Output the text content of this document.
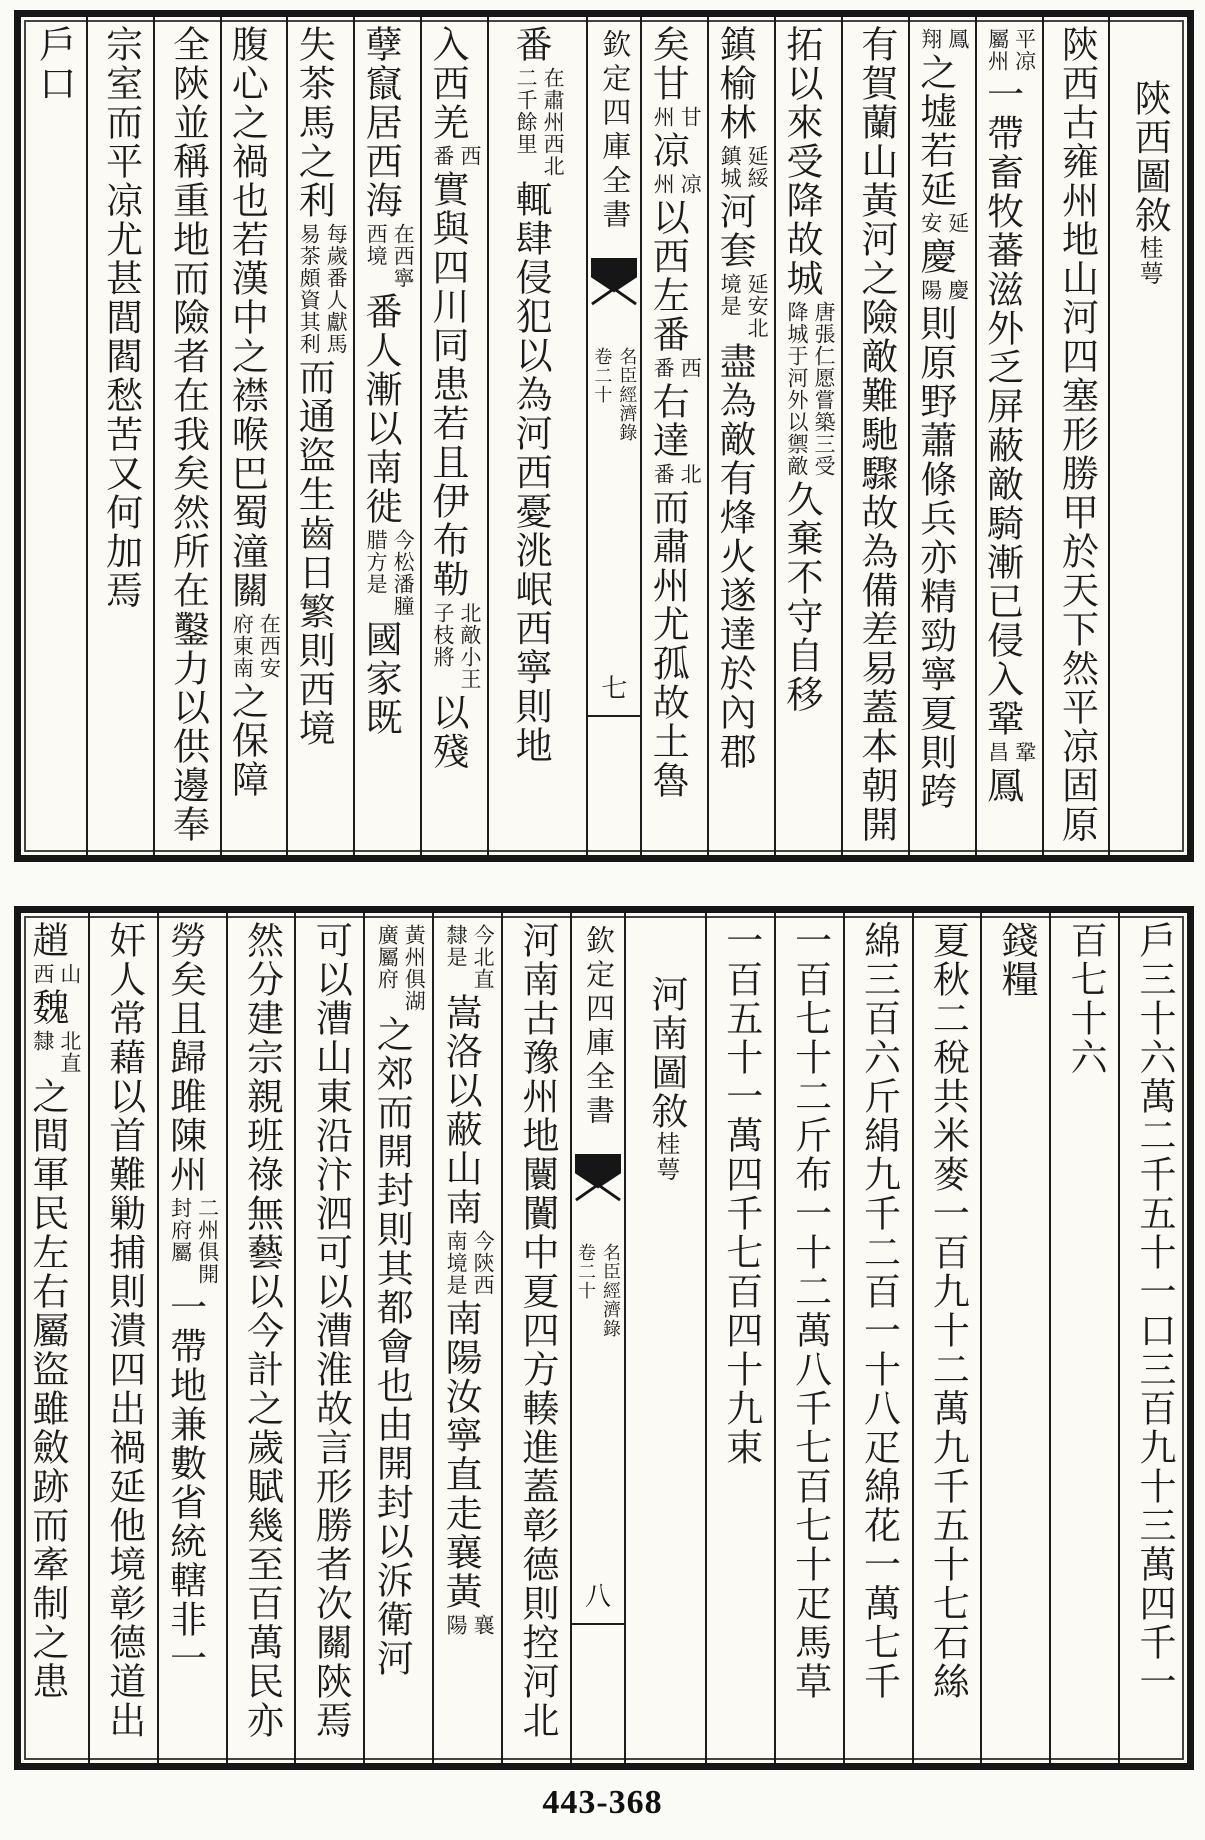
陝西圖敘桂萼
陝西古雍州地山河四塞形勝甲於天下然平凉固原
平凉
屬州
一帶畜牧蕃滋外乏屏蔽敵騎漸已侵入鞏
鞏
昌
鳳
鳳
翔
之墟若延
延
安
慶
慶
陽
則原野蕭條兵亦精勁寧夏則跨
有賀蘭山黃河之險敵難馳驟故為備差易蓋本朝開
拓以來受降故城
唐張仁愿嘗築三受
降城于河外以禦敵
久棄不守自移
鎮榆林
延綏
鎮城
河套
延安北
境是
盡為敵有烽火遂達於內郡
矣甘
甘
州
凉
凉
州
以西左番
西
番
右達
北
番
而肅州尤孤故土魯
欽定四庫全書
名臣經濟錄
卷二十
七
番
在肅州西北
二千餘里
輒肆侵犯以為河西憂洮岷西寧則地
入西羌
西
番
實與四川同患若且伊布勒
北敵小王
子枝將
以殘
孽竄居西海
在西寧
西境
番人漸以南徙
今松潘膧
腊方是
國家既
失茶馬之利
每歲番人獻馬
易茶頗資其利
而通盜生齒日繁則西境
腹心之禍也若漢中之襟喉巴蜀潼關
在西安
府東南
之保障
全陝並稱重地而險者在我矣然所在鑿力以供邊奉
宗室而平凉尤甚閭閻愁苦又何加焉
戶口
戶三十六萬二千五十一口三百九十三萬四千一
百七十六
錢糧
夏秋二稅共米麥一百九十二萬九千五十七石絲
綿三百六斤絹九千二百一十八疋綿花一萬七千
一百七十二斤布一十二萬八千七百七十疋馬草
一百五十一萬四千七百四十九束
河南圖敘桂萼
欽定四庫全書
名臣經濟錄
卷二十
八
河南古豫州地闤闠中夏四方輳進蓋彰德則控河北
今北直
隸是
嵩洛以蔽山南
今陝西
南境是
南陽汝寧直走襄黃
襄
陽
黃州俱湖
廣屬府
之郊而開封則其都會也由開封以泝衛河
可以漕山東沿汴泗可以漕淮故言形勝者次關陝焉
然分建宗親班祿無藝以今計之歲賦幾至百萬民亦
勞矣且歸雎陳州
二州俱開
封府屬
一帶地兼數省統轄非一
奸人常藉以首難勦捕則潰四出禍延他境彰德道出
趙
山
西
魏
北直
隸
之間軍民左右屬盜雖斂跡而牽制之患
443-368
